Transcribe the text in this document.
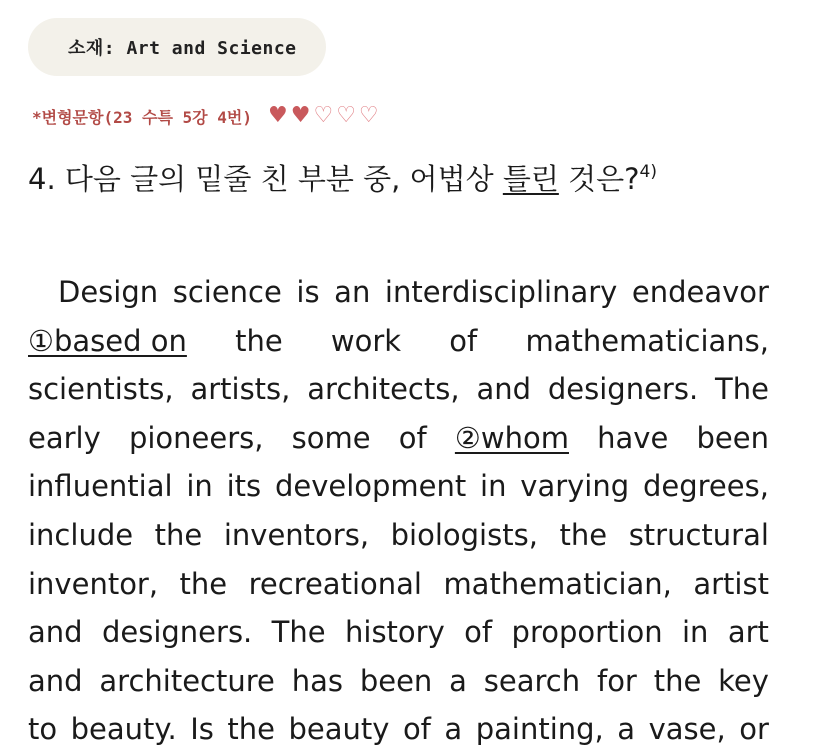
소재: Art and Science
*변형문항(23 수특 5강 4번) ♥ ♥ ♡ ♡ ♡
4. 다음 글의 밑줄 친 부분 중, 어법상 틀린 것은?$^{4)}$
Design science is an interdisciplinary endeavor
①based on the work of mathematicians,
scientists, artists, architects, and designers. The
early pioneers, some of ②whom have been
influential in its development in varying degrees,
include the inventors, biologists, the structural
inventor, the recreational mathematician, artist
and designers. The history of proportion in art
and architecture has been a search for the key
to beauty. Is the beauty of a painting, a vase, or
